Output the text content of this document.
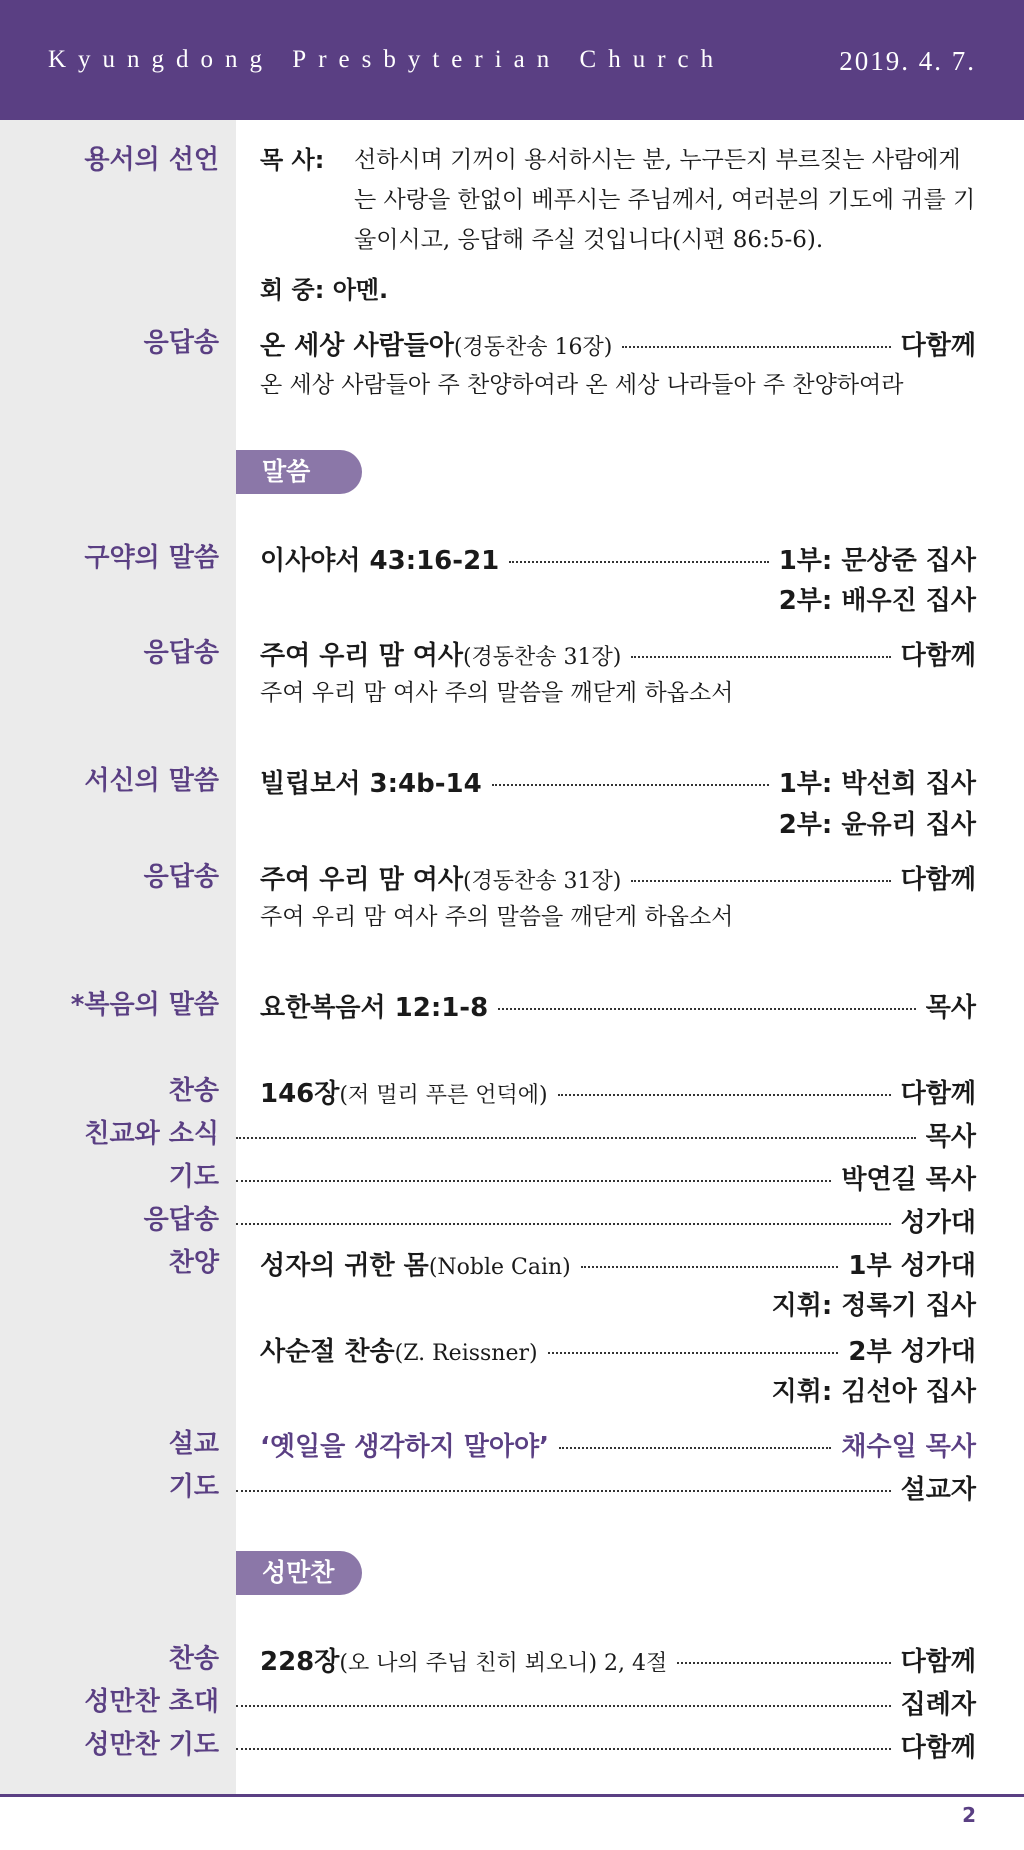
Kyungdong Presbyterian Church	2019. 4. 7.
용서의 선언 목 사: 선하시며 기꺼이 용서하시는 분, 누구든지 부르짖는 사람에게는 사랑을 한없이 베푸시는 주님께서, 여러분의 기도에 귀를 기울이시고, 응답해 주실 것입니다(시편 86:5-6).
회 중: 아멘.
응답송 온 세상 사람들아(경동찬송 16장)	다함께
온 세상 사람들아 주 찬양하여라 온 세상 나라들아 주 찬양하여라
말씀
구약의 말씀 이사야서 43:16-21	1부: 문상준 집사
2부: 배우진 집사
응답송 주여 우리 맘 여사(경동찬송 31장)	다함께
주여 우리 맘 여사 주의 말씀을 깨닫게 하옵소서
서신의 말씀 빌립보서 3:4b-14	1부: 박선희 집사
2부: 윤유리 집사
응답송 주여 우리 맘 여사(경동찬송 31장)	다함께
주여 우리 맘 여사 주의 말씀을 깨닫게 하옵소서
*복음의 말씀 요한복음서 12:1-8	목사
찬송 146장(저 멀리 푸른 언덕에)	다함께
친교와 소식	목사
기도	박연길 목사
응답송	성가대
찬양 성자의 귀한 몸(Noble Cain)	1부 성가대
지휘: 정록기 집사
사순절 찬송(Z. Reissner)	2부 성가대
지휘: 김선아 집사
설교 ‘옛일을 생각하지 말아야’	채수일 목사
기도	설교자
성만찬
찬송 228장(오 나의 주님 친히 뵈오니) 2, 4절	다함께
성만찬 초대	집례자
성만찬 기도	다함께
2
